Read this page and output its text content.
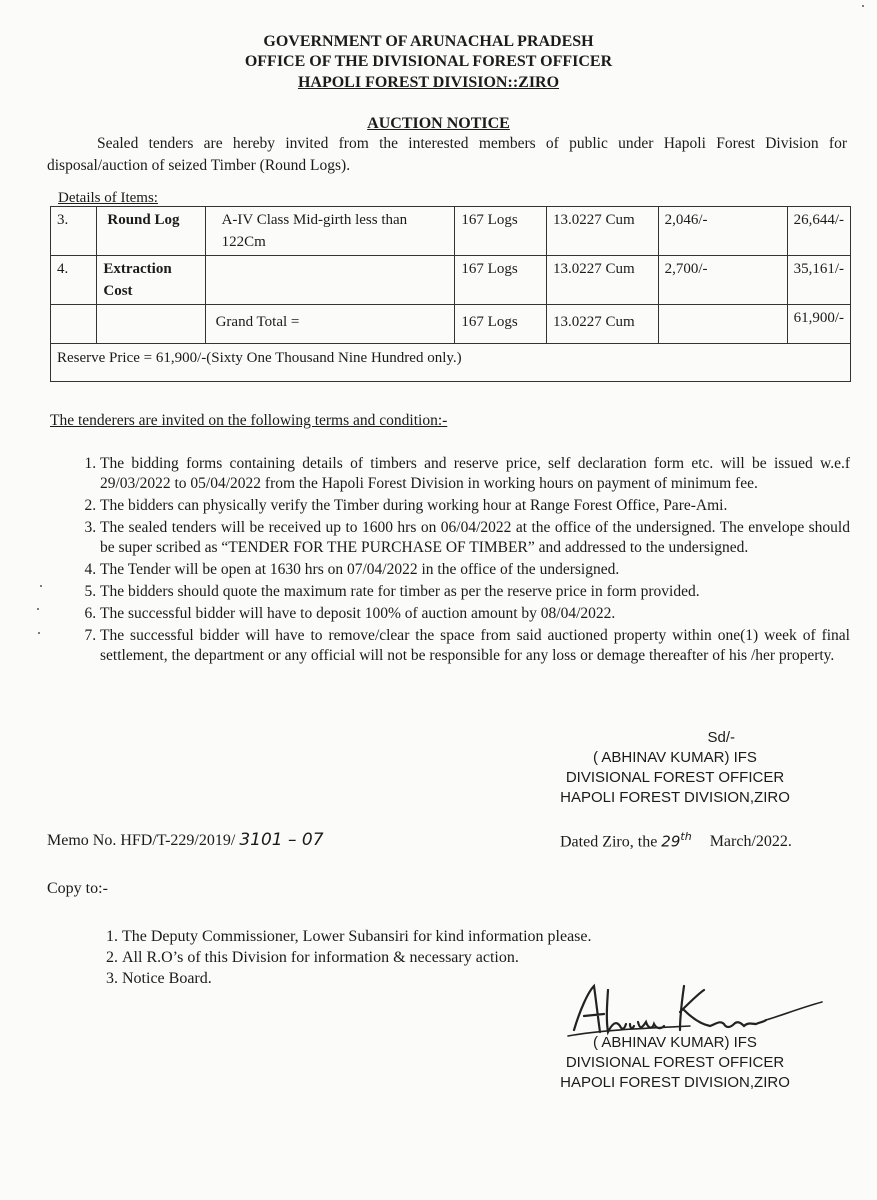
GOVERNMENT OF ARUNACHAL PRADESH
OFFICE OF THE DIVISIONAL FOREST OFFICER
HAPOLI FOREST DIVISION::ZIRO
AUCTION NOTICE
Sealed tenders are hereby invited from the interested members of public under Hapoli Forest Division for disposal/auction of seized Timber (Round Logs).
Details of Items:
3.	Round Log	A-IV Class Mid-girth less than 122Cm	167 Logs	13.0227 Cum	2,046/-	26,644/-
4.	Extraction Cost		167 Logs	13.0227 Cum	2,700/-	35,161/-
		Grand Total =	167 Logs	13.0227 Cum		61,900/-
Reserve Price = 61,900/-(Sixty One Thousand Nine Hundred only.)						
The tenderers are invited on the following terms and condition:-
1. The bidding forms containing details of timbers and reserve price, self declaration form etc. will be issued w.e.f 29/03/2022 to 05/04/2022 from the Hapoli Forest Division in working hours on payment of minimum fee.
2. The bidders can physically verify the Timber during working hour at Range Forest Office, Pare-Ami.
3. The sealed tenders will be received up to 1600 hrs on 06/04/2022 at the office of the undersigned. The envelope should be super scribed as “TENDER FOR THE PURCHASE OF TIMBER” and addressed to the undersigned.
4. The Tender will be open at 1630 hrs on 07/04/2022 in the office of the undersigned.
5. The bidders should quote the maximum rate for timber as per the reserve price in form provided.
6. The successful bidder will have to deposit 100% of auction amount by 08/04/2022.
7. The successful bidder will have to remove/clear the space from said auctioned property within one(1) week of final settlement, the department or any official will not be responsible for any loss or demage thereafter of his /her property.
Sd/-
( ABHINAV KUMAR) IFS
DIVISIONAL FOREST OFFICER
HAPOLI FOREST DIVISION,ZIRO
Memo No. HFD/T-229/2019/ 3101 – 07	Dated Ziro, the 29th March/2022.
Copy to:-
1. The Deputy Commissioner, Lower Subansiri for kind information please.
2. All R.O’s of this Division for information & necessary action.
3. Notice Board.
( ABHINAV KUMAR) IFS
DIVISIONAL FOREST OFFICER
HAPOLI FOREST DIVISION,ZIRO
